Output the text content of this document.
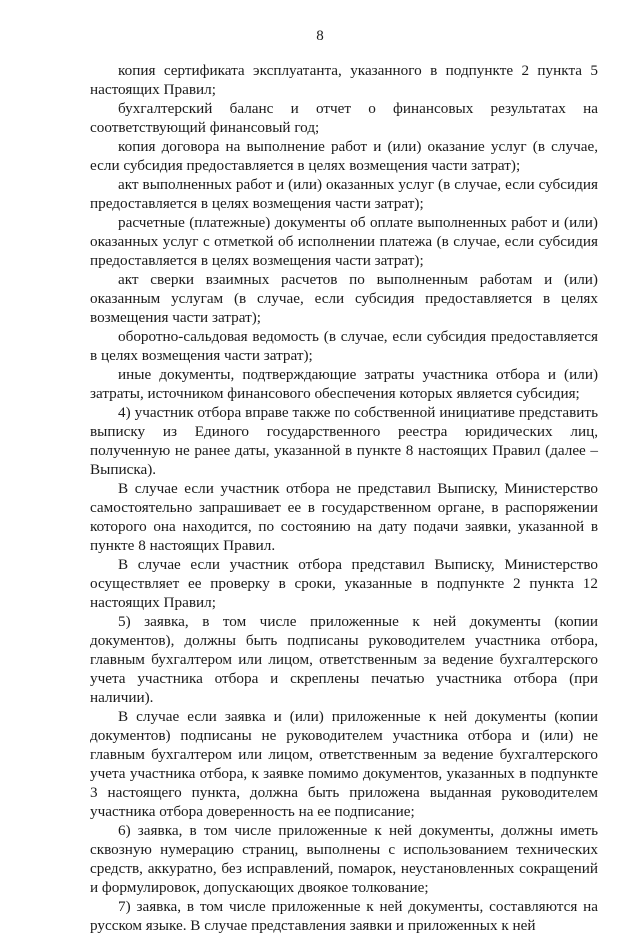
8

копия сертификата эксплуатанта, указанного в подпункте 2 пункта 5 настоящих Правил;

бухгалтерский баланс и отчет о финансовых результатах на соответствующий финансовый год;

копия договора на выполнение работ и (или) оказание услуг (в случае, если субсидия предоставляется в целях возмещения части затрат);

акт выполненных работ и (или) оказанных услуг (в случае, если субсидия предоставляется в целях возмещения части затрат);

расчетные (платежные) документы об оплате выполненных работ и (или) оказанных услуг с отметкой об исполнении платежа (в случае, если субсидия предоставляется в целях возмещения части затрат);

акт сверки взаимных расчетов по выполненным работам и (или) оказанным услугам (в случае, если субсидия предоставляется в целях возмещения части затрат);

оборотно-сальдовая ведомость (в случае, если субсидия предоставляется в целях возмещения части затрат);

иные документы, подтверждающие затраты участника отбора и (или) затраты, источником финансового обеспечения которых является субсидия;

4) участник отбора вправе также по собственной инициативе представить выписку из Единого государственного реестра юридических лиц, полученную не ранее даты, указанной в пункте 8 настоящих Правил (далее – Выписка).

В случае если участник отбора не представил Выписку, Министерство самостоятельно запрашивает ее в государственном органе, в распоряжении которого она находится, по состоянию на дату подачи заявки, указанной в пункте 8 настоящих Правил.

В случае если участник отбора представил Выписку, Министерство осуществляет ее проверку в сроки, указанные в подпункте 2 пункта 12 настоящих Правил;

5) заявка, в том числе приложенные к ней документы (копии документов), должны быть подписаны руководителем участника отбора, главным бухгалтером или лицом, ответственным за ведение бухгалтерского учета участника отбора и скреплены печатью участника отбора (при наличии).

В случае если заявка и (или) приложенные к ней документы (копии документов) подписаны не руководителем участника отбора и (или) не главным бухгалтером или лицом, ответственным за ведение бухгалтерского учета участника отбора, к заявке помимо документов, указанных в подпункте 3 настоящего пункта, должна быть приложена выданная руководителем участника отбора доверенность на ее подписание;

6) заявка, в том числе приложенные к ней документы, должны иметь сквозную нумерацию страниц, выполнены с использованием технических средств, аккуратно, без исправлений, помарок, неустановленных сокращений и формулировок, допускающих двоякое толкование;

7) заявка, в том числе приложенные к ней документы, составляются на русском языке. В случае представления заявки и приложенных к ней
